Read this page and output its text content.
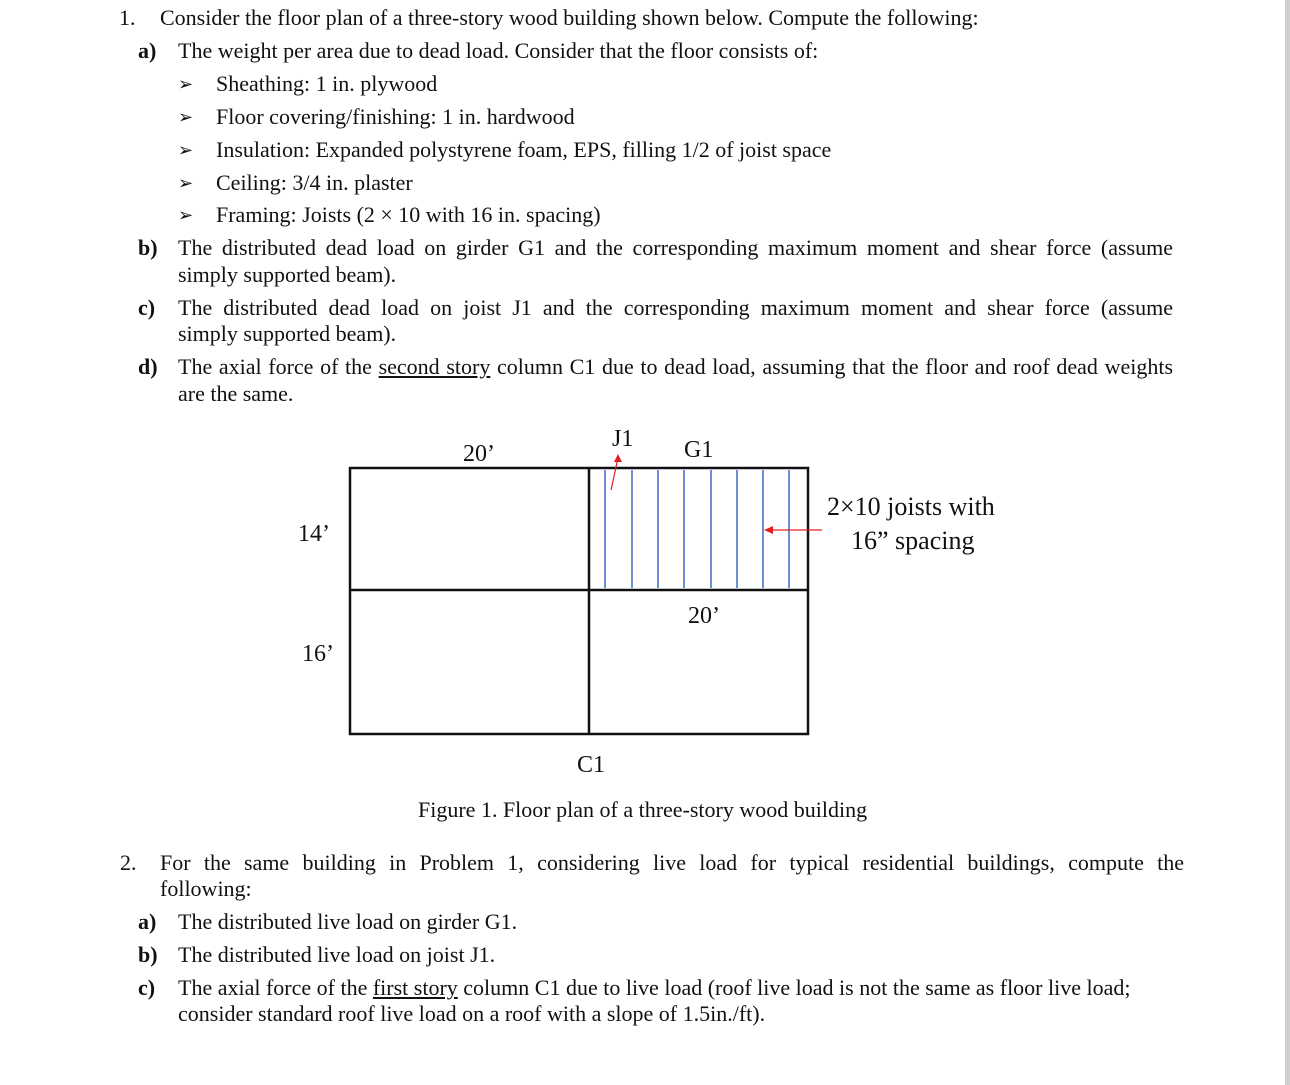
1. Consider the floor plan of a three-story wood building shown below. Compute the following:
a) The weight per area due to dead load. Consider that the floor consists of:
➢ Sheathing: 1 in. plywood
➢ Floor covering/finishing: 1 in. hardwood
➢ Insulation: Expanded polystyrene foam, EPS, filling 1/2 of joist space
➢ Ceiling: 3/4 in. plaster
➢ Framing: Joists (2 × 10 with 16 in. spacing)
b) The distributed dead load on girder G1 and the corresponding maximum moment and shear force (assume
simply supported beam).
c) The distributed dead load on joist J1 and the corresponding maximum moment and shear force (assume
simply supported beam).
d) The axial force of the second story column C1 due to dead load, assuming that the floor and roof dead weights
are the same.
20’
J1 G1
14’
16’
20’
C1
2×10 joists with
16” spacing
Figure 1. Floor plan of a three-story wood building
2. For the same building in Problem 1, considering live load for typical residential buildings, compute the
following:
a) The distributed live load on girder G1.
b) The distributed live load on joist J1.
c) The axial force of the first story column C1 due to live load (roof live load is not the same as floor live load;
consider standard roof live load on a roof with a slope of 1.5in./ft).
